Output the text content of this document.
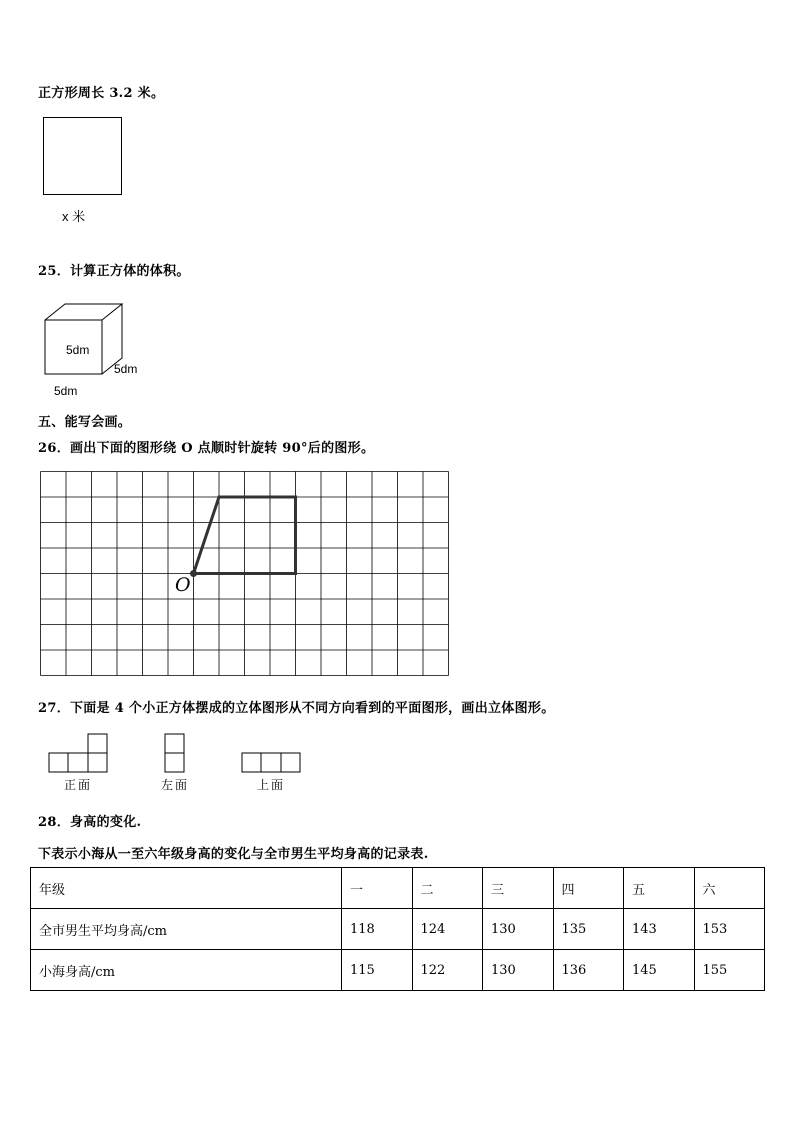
正方形周长 3.2 米。
x 米
25．计算正方体的体积。
5dm
5dm
5dm
五、能写会画。
26．画出下面的图形绕 O 点顺时针旋转 90°后的图形。
O
27．下面是 4 个小正方体摆成的立体图形从不同方向看到的平面图形，画出立体图形。
正面	左面	上面
28．身高的变化.
下表示小海从一至六年级身高的变化与全市男生平均身高的记录表.
年级	一	二	三	四	五	六
全市男生平均身高/cm	118	124	130	135	143	153
小海身高/cm	115	122	130	136	145	155
